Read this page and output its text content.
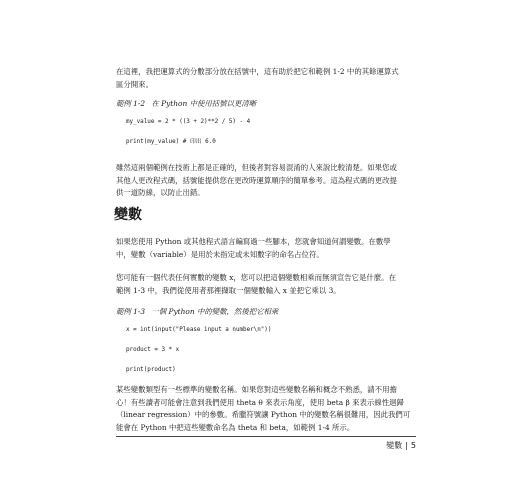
在這裡，我把運算式的分數部分放在括號中，這有助於把它和範例 1-2 中的其餘運算式
區分開來。

範例 1-2 在 Python 中使用括號以更清晰

my_value = 2 * ((3 + 2)**2 / 5) - 4
print(my_value) # 印出 6.0

雖然這兩個範例在技術上都是正確的，但後者對容易混淆的人來說比較清楚。如果您或
其他人更改程式碼，括號能提供您在更改時運算順序的簡單參考。這為程式碼的更改提
供一道防線，以防止出錯。

變數

如果您使用 Python 或其他程式語言編寫過一些腳本，您就會知道何謂變數。在數學
中，變數（variable）是用於未指定或未知數字的命名占位符。

您可能有一個代表任何實數的變數 x，您可以把這個變數相乘而無須宣告它是什麼。在
範例 1-3 中，我們從使用者那裡擷取一個變數輸入 x 並把它乘以 3。

範例 1-3 一個 Python 中的變數，然後把它相乘

x = int(input("Please input a number\n"))
product = 3 * x
print(product)

某些變數類型有一些標準的變數名稱。如果您對這些變數名稱和概念不熟悉，請不用擔
心！有些讀者可能會注意到我們使用 theta θ 來表示角度，使用 beta β 來表示線性迴歸
（linear regression）中的參數。希臘符號讓 Python 中的變數名稱很難用，因此我們可
能會在 Python 中把這些變數命名為 theta 和 beta，如範例 1-4 所示。

變數 | 5
